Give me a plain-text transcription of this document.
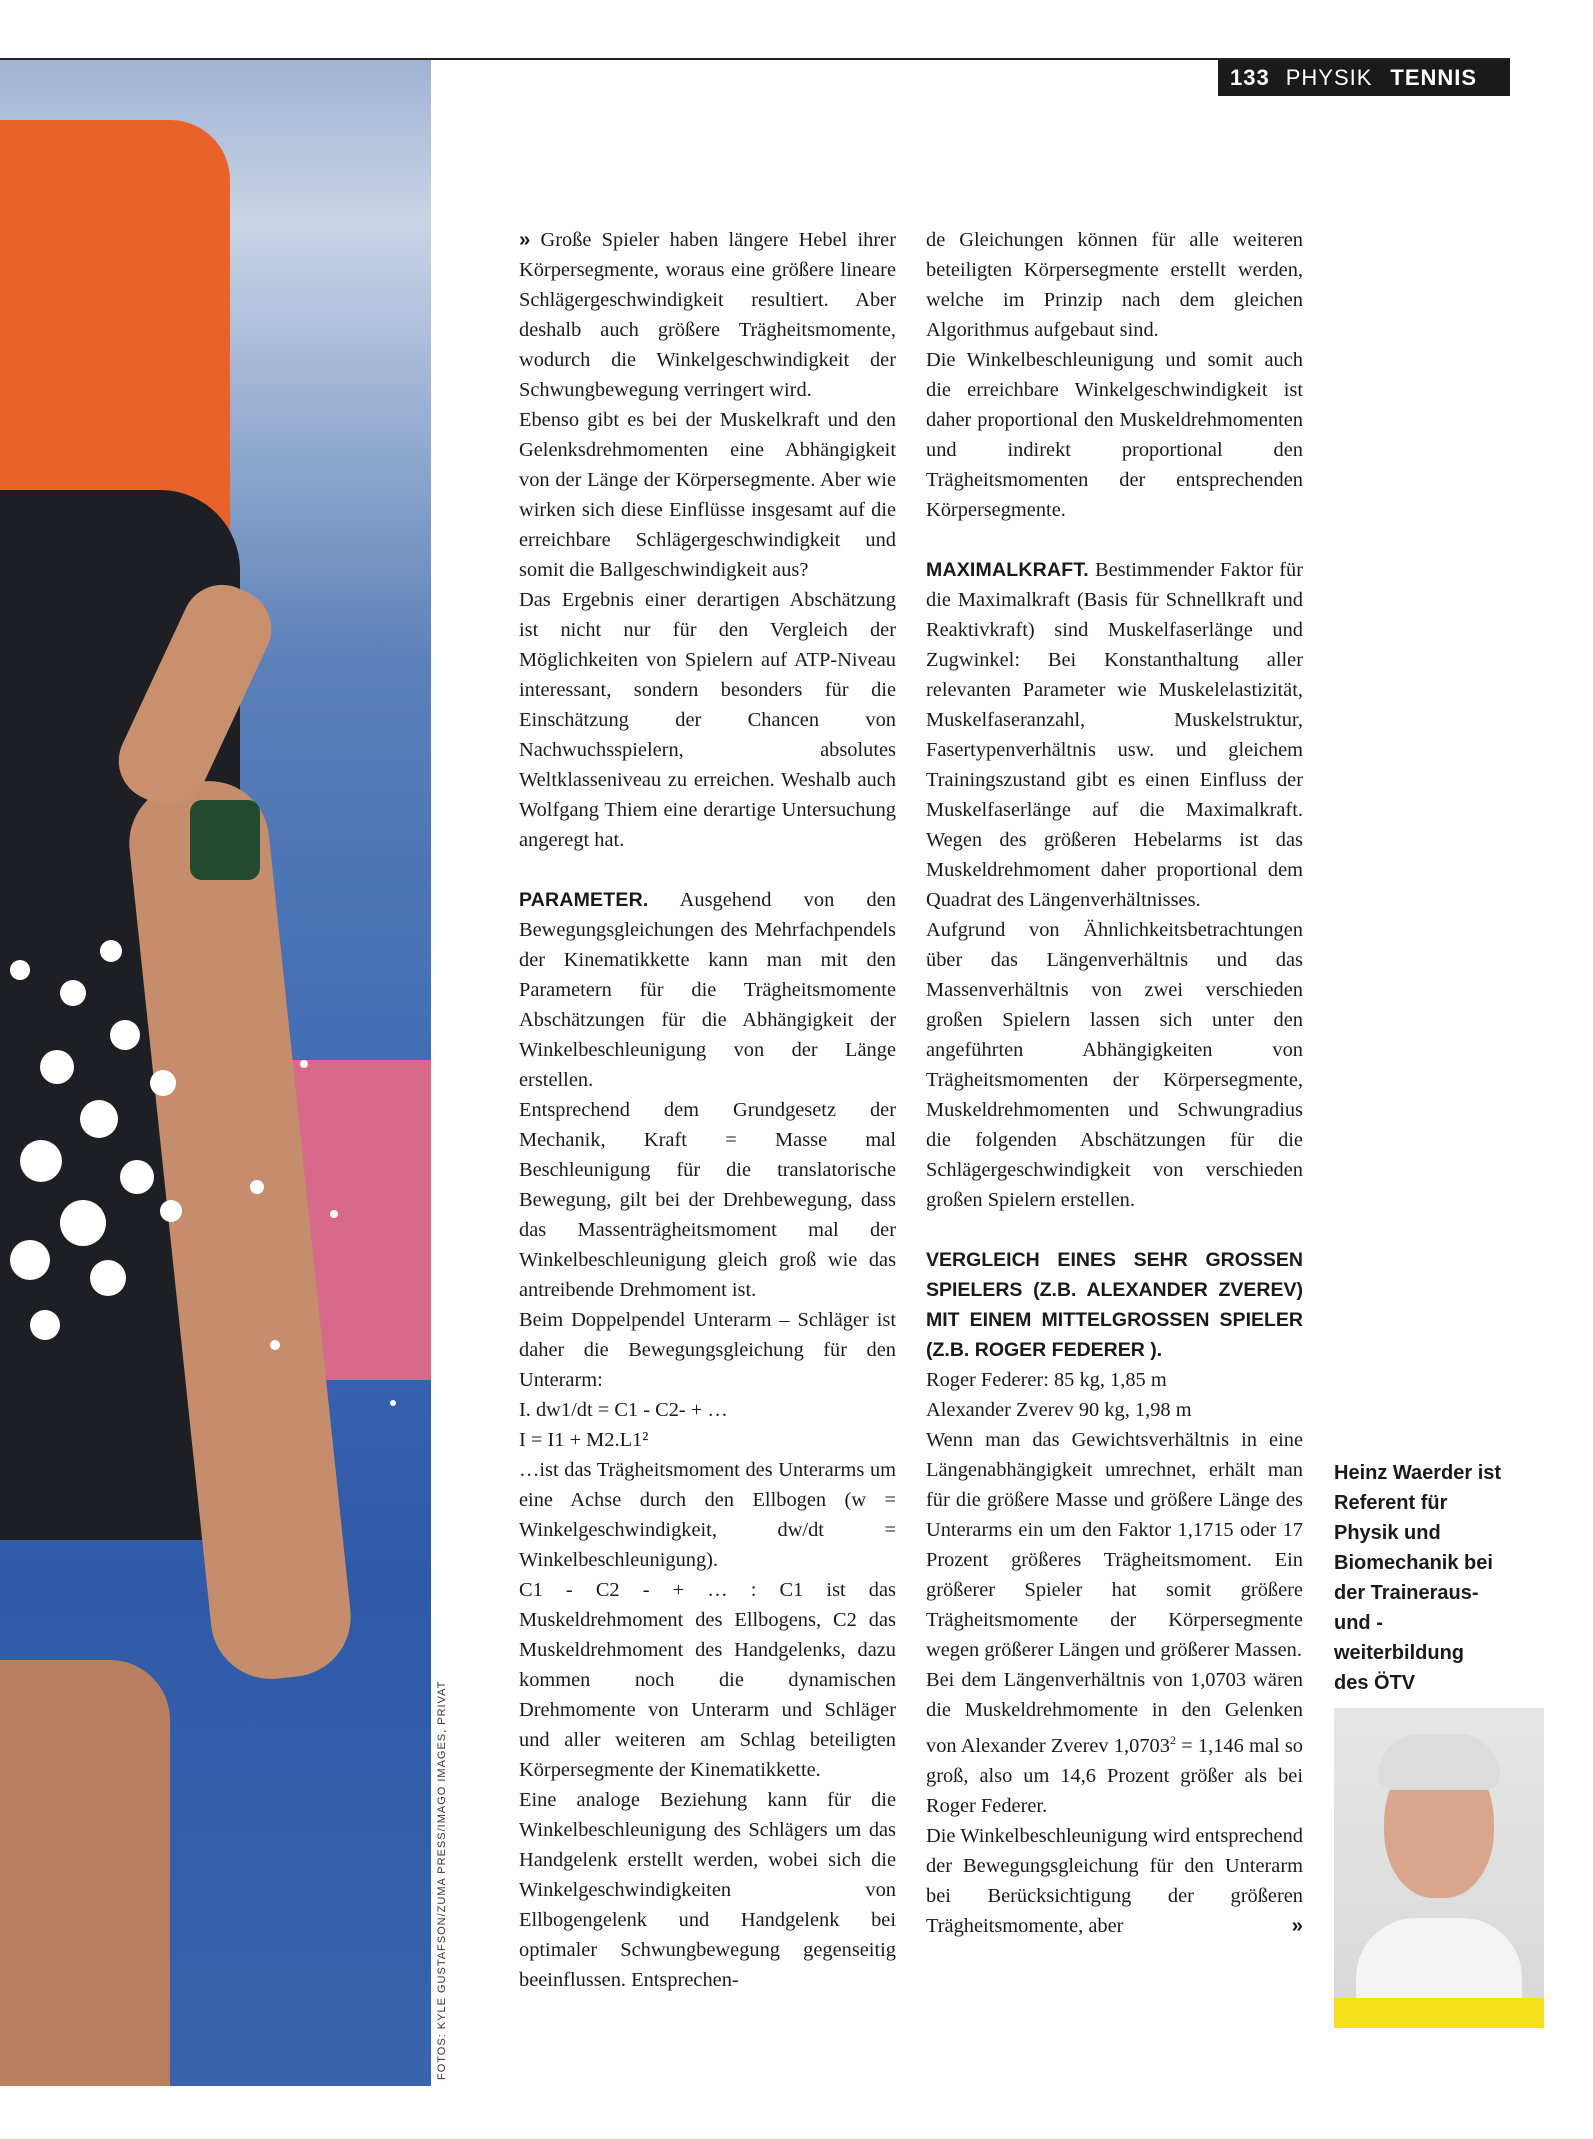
133 PHYSIK TENNIS
FOTOS: KYLE GUSTAFSON/ZUMA PRESS/IMAGO IMAGES, PRIVAT

» Große Spieler haben längere Hebel ihrer Körpersegmente, woraus eine größere lineare Schlägergeschwindigkeit resultiert. Aber deshalb auch größere Trägheitsmomente, wodurch die Winkelgeschwindigkeit der Schwungbewegung verringert wird.

Ebenso gibt es bei der Muskelkraft und den Gelenksdrehmomenten eine Abhängigkeit von der Länge der Körpersegmente. Aber wie wirken sich diese Einflüsse insgesamt auf die erreichbare Schlägergeschwindigkeit und somit die Ballgeschwindigkeit aus?

Das Ergebnis einer derartigen Abschätzung ist nicht nur für den Vergleich der Möglichkeiten von Spielern auf ATP-Niveau interessant, sondern besonders für die Einschätzung der Chancen von Nachwuchsspielern, absolutes Weltklasseniveau zu erreichen. Weshalb auch Wolfgang Thiem eine derartige Untersuchung angeregt hat.

PARAMETER. Ausgehend von den Bewegungsgleichungen des Mehrfachpendels der Kinematikkette kann man mit den Parametern für die Trägheitsmomente Abschätzungen für die Abhängigkeit der Winkelbeschleunigung von der Länge erstellen.

Entsprechend dem Grundgesetz der Mechanik, Kraft = Masse mal Beschleunigung für die translatorische Bewegung, gilt bei der Drehbewegung, dass das Massenträgheitsmoment mal der Winkelbeschleunigung gleich groß wie das antreibende Drehmoment ist.

Beim Doppelpendel Unterarm – Schläger ist daher die Bewegungsgleichung für den Unterarm:

I. dw1/dt = C1 - C2- + …

I = I1 + M2.L1²

…ist das Trägheitsmoment des Unterarms um eine Achse durch den Ellbogen (w = Winkelgeschwindigkeit, dw/dt = Winkelbeschleunigung).

C1 - C2 - + … : C1 ist das Muskeldrehmoment des Ellbogens, C2 das Muskeldrehmoment des Handgelenks, dazu kommen noch die dynamischen Drehmomente von Unterarm und Schläger und aller weiteren am Schlag beteiligten Körpersegmente der Kinematikkette.

Eine analoge Beziehung kann für die Winkelbeschleunigung des Schlägers um das Handgelenk erstellt werden, wobei sich die Winkelgeschwindigkeiten von Ellbogengelenk und Handgelenk bei optimaler Schwungbewegung gegenseitig beeinflussen. Entsprechen-

de Gleichungen können für alle weiteren beteiligten Körpersegmente erstellt werden, welche im Prinzip nach dem gleichen Algorithmus aufgebaut sind.

Die Winkelbeschleunigung und somit auch die erreichbare Winkelgeschwindigkeit ist daher proportional den Muskeldrehmomenten und indirekt proportional den Trägheitsmomenten der entsprechenden Körpersegmente.

MAXIMALKRAFT. Bestimmender Faktor für die Maximalkraft (Basis für Schnellkraft und Reaktivkraft) sind Muskelfaserlänge und Zugwinkel: Bei Konstanthaltung aller relevanten Parameter wie Muskelelastizität, Muskelfaseranzahl, Muskelstruktur, Fasertypenverhältnis usw. und gleichem Trainingszustand gibt es einen Einfluss der Muskelfaserlänge auf die Maximalkraft. Wegen des größeren Hebelarms ist das Muskeldrehmoment daher proportional dem Quadrat des Längenverhältnisses.

Aufgrund von Ähnlichkeitsbetrachtungen über das Längenverhältnis und das Massenverhältnis von zwei verschieden großen Spielern lassen sich unter den angeführten Abhängigkeiten von Trägheitsmomenten der Körpersegmente, Muskeldrehmomenten und Schwungradius die folgenden Abschätzungen für die Schlägergeschwindigkeit von verschieden großen Spielern erstellen.

VERGLEICH EINES SEHR GROSSEN SPIELERS (Z.B. ALEXANDER ZVEREV) MIT EINEM MITTELGROSSEN SPIELER (Z.B. ROGER FEDERER ).

Roger Federer: 85 kg, 1,85 m

Alexander Zverev 90 kg, 1,98 m

Wenn man das Gewichtsverhältnis in eine Längenabhängigkeit umrechnet, erhält man für die größere Masse und größere Länge des Unterarms ein um den Faktor 1,1715 oder 17 Prozent größeres Trägheitsmoment. Ein größerer Spieler hat somit größere Trägheitsmomente der Körpersegmente wegen größerer Längen und größerer Massen.

Bei dem Längenverhältnis von 1,0703 wären die Muskeldrehmomente in den Gelenken von Alexander Zverev $1,0703^2 = 1,146$ mal so groß, also um 14,6 Prozent größer als bei Roger Federer.

Die Winkelbeschleunigung wird entsprechend der Bewegungsgleichung für den Unterarm bei Berücksichtigung der größeren Trägheitsmomente, aber	»

Heinz Waerder ist Referent für Physik und Biomechanik bei der Traineraus- und -weiterbildung des ÖTV
